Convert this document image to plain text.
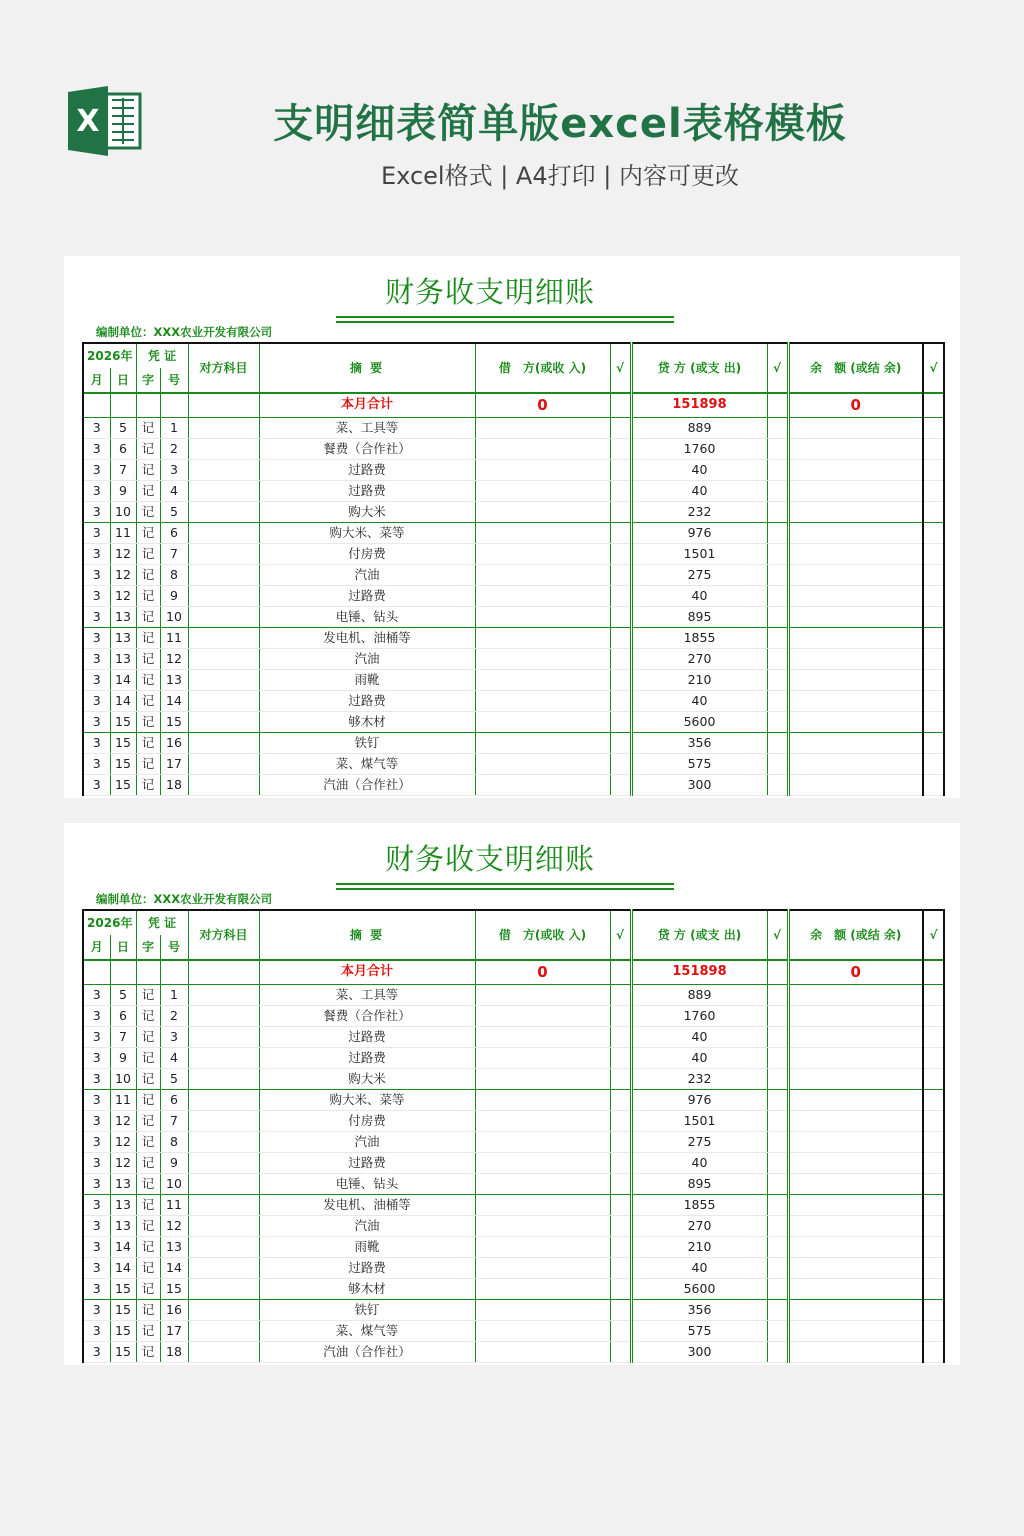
X	支明细表简单版excel表格模板
Excel格式 | A4打印 | 内容可更改
财务收支明细账
编制单位：XXX农业开发有限公司
2026年		凭 证		对方科目	摘 要	借　方(或收 入)	√	贷 方 (或支 出)	√	余　额 (或结 余)	√
月	日	字	号								
					本月合计	0		151898		0	
3	5	记	1		菜、工具等			889			
3	6	记	2		餐费（合作社）			1760			
3	7	记	3		过路费			40			
3	9	记	4		过路费			40			
3	10	记	5		购大米			232			
3	11	记	6		购大米、菜等			976			
3	12	记	7		付房费			1501			
3	12	记	8		汽油			275			
3	12	记	9		过路费			40			
3	13	记	10		电锤、钻头			895			
3	13	记	11		发电机、油桶等			1855			
3	13	记	12		汽油			270			
3	14	记	13		雨靴			210			
3	14	记	14		过路费			40			
3	15	记	15		够木材			5600			
3	15	记	16		铁钉			356			
3	15	记	17		菜、煤气等			575			
3	15	记	18		汽油（合作社）			300			
财务收支明细账
编制单位：XXX农业开发有限公司
2026年		凭 证		对方科目	摘 要	借　方(或收 入)	√	贷 方 (或支 出)	√	余　额 (或结 余)	√
月	日	字	号								
					本月合计	0		151898		0	
3	5	记	1		菜、工具等			889			
3	6	记	2		餐费（合作社）			1760			
3	7	记	3		过路费			40			
3	9	记	4		过路费			40			
3	10	记	5		购大米			232			
3	11	记	6		购大米、菜等			976			
3	12	记	7		付房费			1501			
3	12	记	8		汽油			275			
3	12	记	9		过路费			40			
3	13	记	10		电锤、钻头			895			
3	13	记	11		发电机、油桶等			1855			
3	13	记	12		汽油			270			
3	14	记	13		雨靴			210			
3	14	记	14		过路费			40			
3	15	记	15		够木材			5600			
3	15	记	16		铁钉			356			
3	15	记	17		菜、煤气等			575			
3	15	记	18		汽油（合作社）			300			
